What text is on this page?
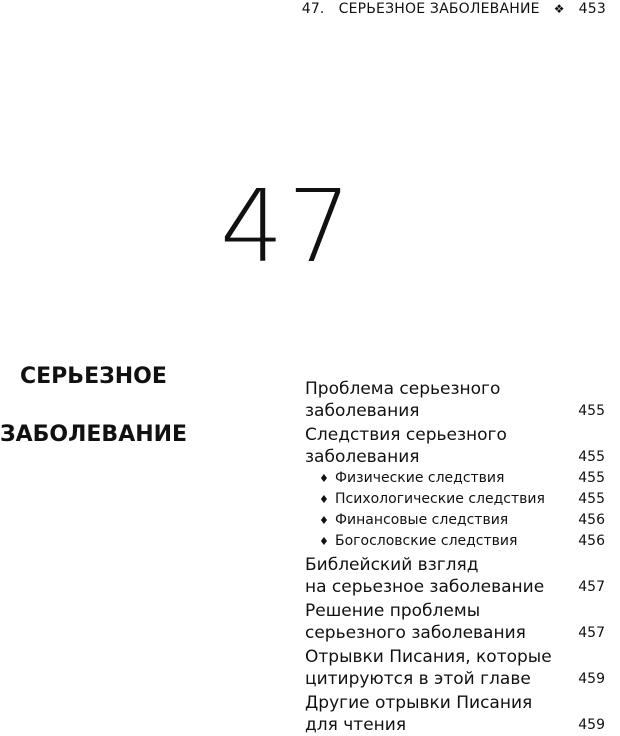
47. СЕРЬЕЗНОЕ ЗАБОЛЕВАНИЕ ❖ 453
47
СЕРЬЕЗНОЕ
ЗАБОЛЕВАНИЕ
Проблема серьезного
заболевания	455
Следствия серьезного
заболевания	455
♦ Физические следствия	455
♦ Психологические следствия 455
♦ Финансовые следствия	456
♦ Богословские следствия	456
Библейский взгляд
на серьезное заболевание	457
Решение проблемы
серьезного заболевания	457
Отрывки Писания, которые
цитируются в этой главе	459
Другие отрывки Писания
для чтения	459
